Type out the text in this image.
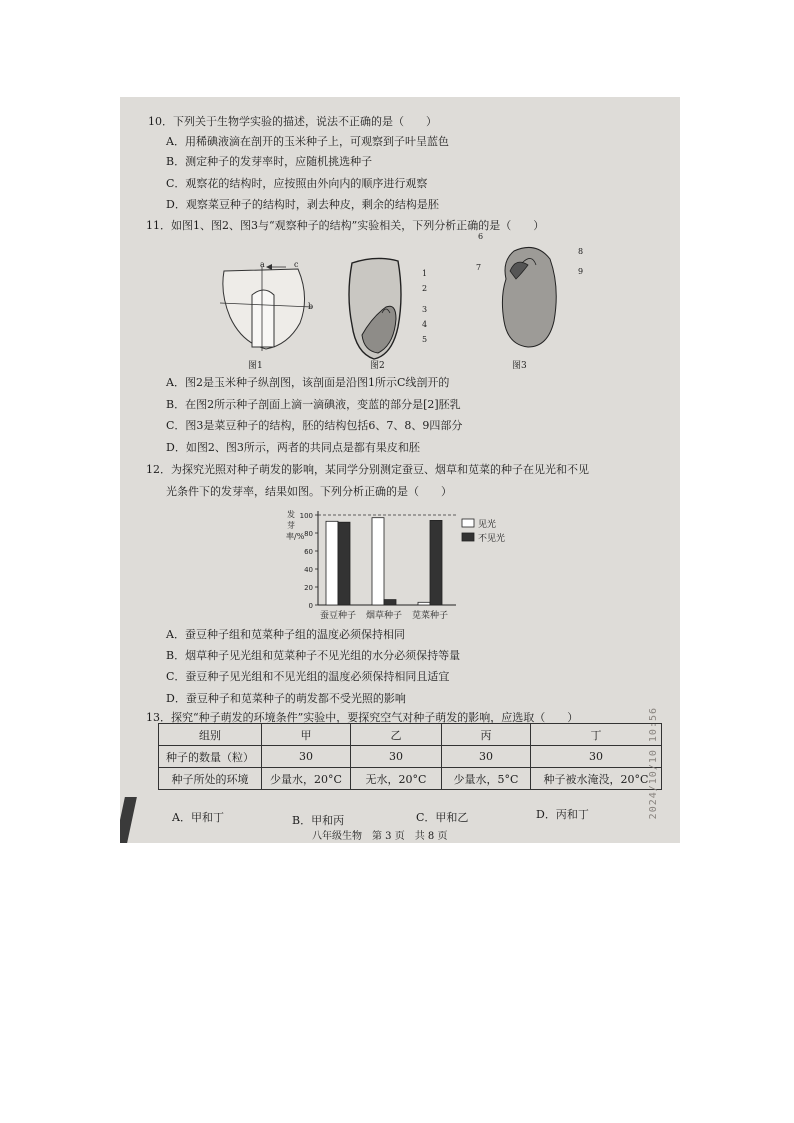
10．下列关于生物学实验的描述，说法不正确的是（　　）
A．用稀碘液滴在剖开的玉米种子上，可观察到子叶呈蓝色
B．测定种子的发芽率时，应随机挑选种子
C．观察花的结构时，应按照由外向内的顺序进行观察
D．观察菜豆种子的结构时，剥去种皮，剩余的结构是胚
11．如图1、图2、图3与“观察种子的结构”实验相关，下列分析正确的是（　　）
a	c
b
图1
1
2
3
4
5
图2
6
7
8
9
图3
A．图2是玉米种子纵剖图，该剖面是沿图1所示C线剖开的
B．在图2所示种子剖面上滴一滴碘液，变蓝的部分是[2]胚乳
C．图3是菜豆种子的结构，胚的结构包括6、7、8、9四部分
D．如图2、图3所示，两者的共同点是都有果皮和胚
12．为探究光照对种子萌发的影响，某同学分别测定蚕豆、烟草和苋菜的种子在见光和不见
光条件下的发芽率，结果如图。下列分析正确的是（　　）
发芽率/%
0
20
40
60
80
100
蚕豆种子 烟草种子 苋菜种子
见光
不见光
A．蚕豆种子组和苋菜种子组的温度必须保持相同
B．烟草种子见光组和苋菜种子不见光组的水分必须保持等量
C．蚕豆种子见光组和不见光组的温度必须保持相同且适宜
D．蚕豆种子和苋菜种子的萌发都不受光照的影响
13．探究“种子萌发的环境条件”实验中，要探究空气对种子萌发的影响，应选取（　　）
组别	甲	乙	丙	丁
种子的数量（粒）	30	30	30	30
种子所处的环境	少量水，20°C	无水，20°C	少量水，5°C	种子被水淹没，20°C
A．甲和丁	B．甲和丙	C．甲和乙	D．丙和丁
八年级生物　第 3 页　共 8 页
2024/10/10 10:56
